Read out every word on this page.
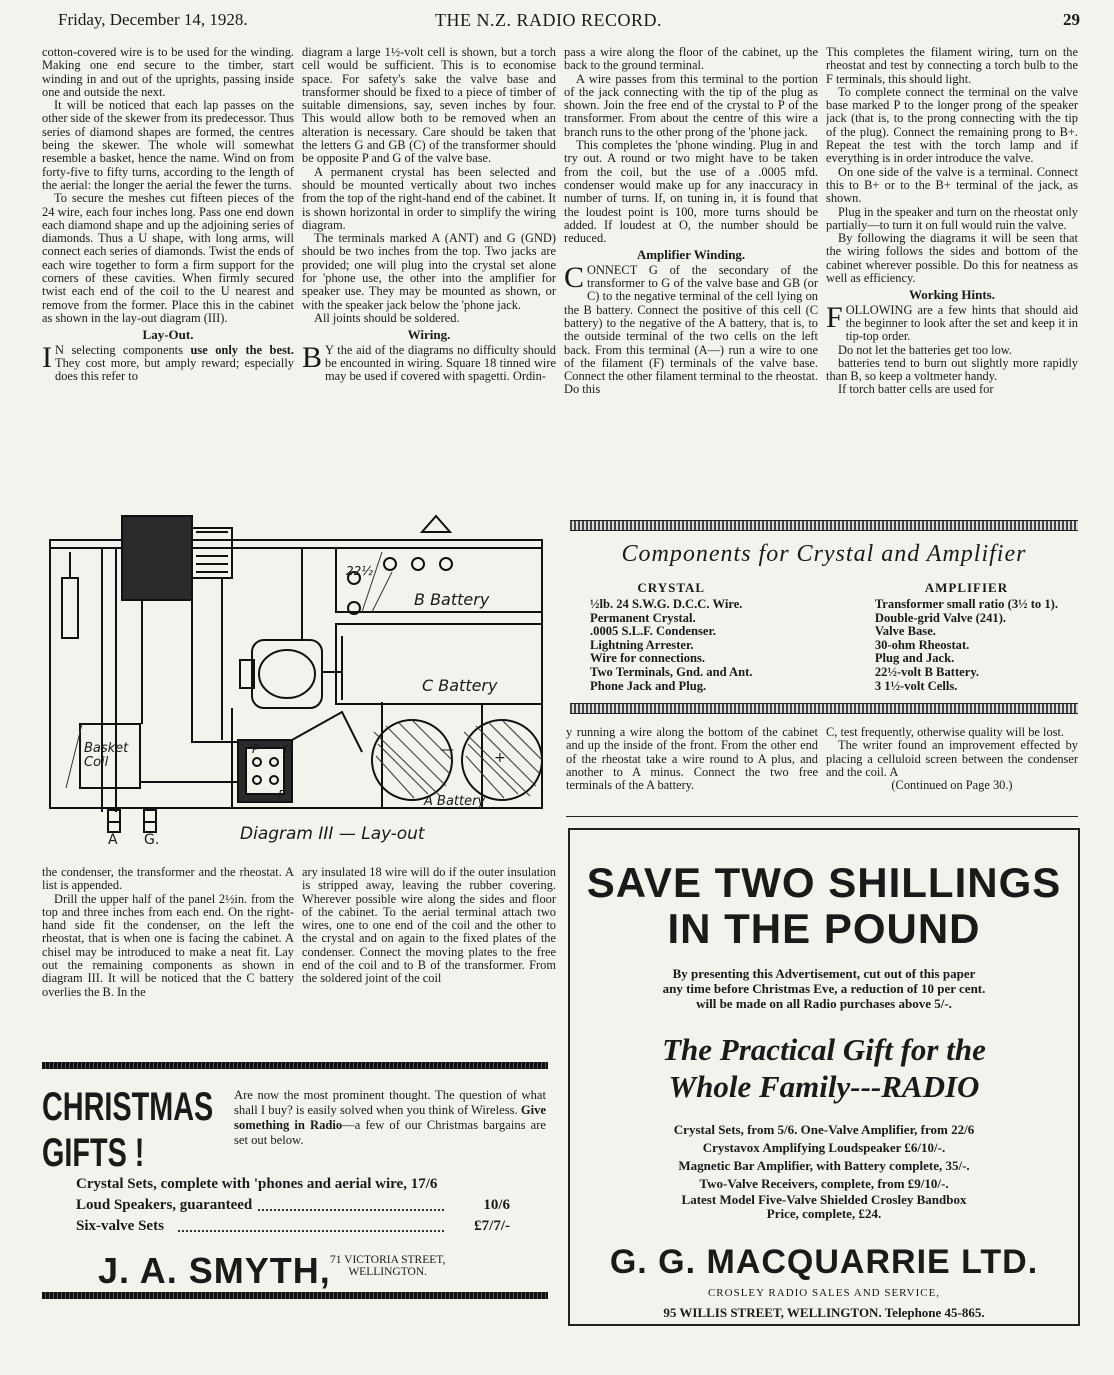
Friday, December 14, 1928.	THE N.Z. RADIO RECORD.	29

cotton-covered wire is to be used for the winding. Making one end secure to the timber, start winding in and out of the uprights, passing inside one and outside the next.

It will be noticed that each lap passes on the other side of the skewer from its predecessor. Thus series of diamond shapes are formed, the centres being the skewer. The whole will somewhat resemble a basket, hence the name. Wind on from forty-five to fifty turns, according to the length of the aerial: the longer the aerial the fewer the turns.

To secure the meshes cut fifteen pieces of the 24 wire, each four inches long. Pass one end down each diamond shape and up the adjoining series of diamonds. Thus a U shape, with long arms, will connect each series of diamonds. Twist the ends of each wire together to form a firm support for the corners of these cavities. When firmly secured twist each end of the coil to the U nearest and remove from the former. Place this in the cabinet as shown in the lay-out diagram (III).

Lay-Out.

I N selecting components use only the best. They cost more, but amply reward; especially does this refer to

diagram a large 1½-volt cell is shown, but a torch cell would be sufficient. This is to economise space. For safety's sake the valve base and transformer should be fixed to a piece of timber of suitable dimensions, say, seven inches by four. This would allow both to be removed when an alteration is necessary. Care should be taken that the letters G and GB (C) of the transformer should be opposite P and G of the valve base.

A permanent crystal has been selected and should be mounted vertically about two inches from the top of the right-hand end of the cabinet. It is shown horizontal in order to simplify the wiring diagram.

The terminals marked A (ANT) and G (GND) should be two inches from the top. Two jacks are provided; one will plug into the crystal set alone for 'phone use, the other into the amplifier for speaker use. They may be mounted as shown, or with the speaker jack below the 'phone jack.

All joints should be soldered.

Wiring.

B Y the aid of the diagrams no difficulty should be encounted in wiring. Square 18 tinned wire may be used if covered with spagetti. Ordin-

pass a wire along the floor of the cabinet, up the back to the ground terminal.

A wire passes from this terminal to the portion of the jack connecting with the tip of the plug as shown. Join the free end of the crystal to P of the transformer. From about the centre of this wire a branch runs to the other prong of the 'phone jack.

This completes the 'phone winding. Plug in and try out. A round or two might have to be taken from the coil, but the use of a .0005 mfd. condenser would make up for any inaccuracy in number of turns. If, on tuning in, it is found that the loudest point is 100, more turns should be added. If loudest at O, the number should be reduced.

Amplifier Winding.

CONNECT G of the secondary of the transformer to G of the valve base and GB (or C) to the negative terminal of the cell lying on the B battery. Connect the positive of this cell (C battery) to the negative of the A battery, that is, to the outside terminal of the two cells on the left back. From this terminal (A—) run a wire to one of the filament (F) terminals of the valve base. Connect the other filament terminal to the rheostat. Do this

This completes the filament wiring, turn on the rheostat and test by connecting a torch bulb to the F terminals, this should light.

To complete connect the terminal on the valve base marked P to the longer prong of the speaker jack (that is, to the prong connecting with the tip of the plug). Connect the remaining prong to B+. Repeat the test with the torch lamp and if everything is in order introduce the valve.

On one side of the valve is a terminal. Connect this to B+ or to the B+ terminal of the jack, as shown.

Plug in the speaker and turn on the rheostat only partially—to turn it on full would ruin the valve.

By following the diagrams it will be seen that the wiring follows the sides and bottom of the cabinet wherever possible. Do this for neatness as well as efficiency.

Working Hints.

FOLLOWING are a few hints that should aid the beginner to look after the set and keep it in tip-top order.

Do not let the batteries get too low.

batteries tend to burn out slightly more rapidly than B, so keep a voltmeter handy.

If torch batter cells are used for

B Battery
C Battery
A Battery
Basket Coil
22½
—	+
P G
F
A G.	Diagram III — Lay-out
Components for Crystal and Amplifier
CRYSTAL
½lb. 24 S.W.G. D.C.C. Wire.
Permanent Crystal.
.0005 S.L.F. Condenser.
Lightning Arrester.
Wire for connections.
Two Terminals, Gnd. and Ant.
Phone Jack and Plug.
AMPLIFIER
Transformer small ratio (3½ to 1).
Double-grid Valve (241).
Valve Base.
30-ohm Rheostat.
Plug and Jack.
22½-volt B Battery.
3 1½-volt Cells.

y running a wire along the bottom of the cabinet and up the inside of the front. From the other end of the rheostat take a wire round to A plus, and another to A minus. Connect the two free terminals of the A battery.

C, test frequently, otherwise quality will be lost.

The writer found an improvement effected by placing a celluloid screen between the condenser and the coil. A

(Continued on Page 30.)

the condenser, the transformer and the rheostat. A list is appended.

Drill the upper half of the panel 2½in. from the top and three inches from each end. On the right-hand side fit the condenser, on the left the rheostat, that is when one is facing the cabinet. A chisel may be introduced to make a neat fit. Lay out the remaining components as shown in diagram III. It will be noticed that the C battery overlies the B. In the

ary insulated 18 wire will do if the outer insulation is stripped away, leaving the rubber covering. Wherever possible wire along the sides and floor of the cabinet. To the aerial terminal attach two wires, one to one end of the coil and the other to the crystal and on again to the fixed plates of the condenser. Connect the moving plates to the free end of the coil and to B of the transformer. From the soldered joint of the coil

SAVE TWO SHILLINGS
IN THE POUND
By presenting this Advertisement, cut out of this paper
any time before Christmas Eve, a reduction of 10 per cent.
will be made on all Radio purchases above 5/-.
The Practical Gift for the
Whole Family---RADIO
Crystal Sets, from 5/6. One-Valve Amplifier, from 22/6
Crystavox Amplifying Loudspeaker £6/10/-.
Magnetic Bar Amplifier, with Battery complete, 35/-.
Two-Valve Receivers, complete, from £9/10/-.
Latest Model Five-Valve Shielded Crosley Bandbox
Price, complete, £24.
G. G. MACQUARRIE LTD.
CROSLEY RADIO SALES AND SERVICE,
95 WILLIS STREET, WELLINGTON. Telephone 45-865.
CHRISTMAS
GIFTS !
Are now the most prominent thought. The question of what shall I buy? is easily solved when you think of Wireless. Give something in Radio—a few of our Christmas bargains are set out below.
Crystal Sets, complete with 'phones and aerial wire, 17/6
Loud Speakers, guaranteed	10/6
Six-valve Sets	£7/7/-
J. A. SMYTH, 71 VICTORIA STREET,
WELLINGTON.
